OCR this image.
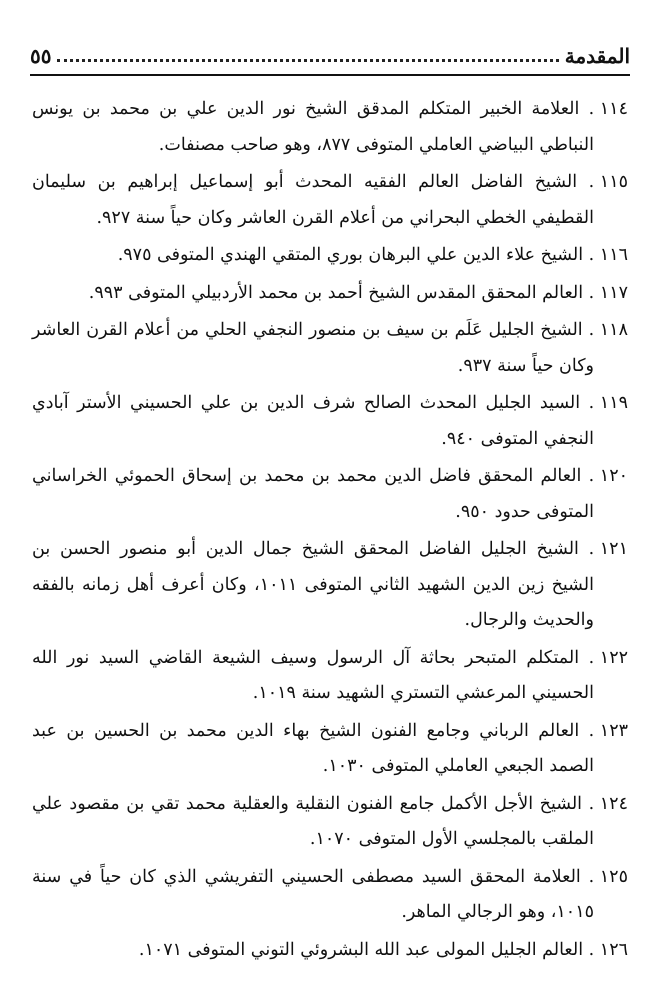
المقدمة
٥٥

١١٤ . العلامة الخبير المتكلم المدقق الشيخ نور الدين علي بن محمد بن يونس النباطي البياضي العاملي المتوفى ٨٧٧، وهو صاحب مصنفات.

١١٥ . الشيخ الفاضل العالم الفقيه المحدث أبو إسماعيل إبراهيم بن سليمان القطيفي الخطي البحراني من أعلام القرن العاشر وكان حياً سنة ٩٢٧.

١١٦ . الشيخ علاء الدين علي البرهان بوري المتقي الهندي المتوفى ٩٧٥.

١١٧ . العالم المحقق المقدس الشيخ أحمد بن محمد الأردبيلي المتوفى ٩٩٣.

١١٨ . الشيخ الجليل عَلَم بن سيف بن منصور النجفي الحلي من أعلام القرن العاشر وكان حياً سنة ٩٣٧.

١١٩ . السيد الجليل المحدث الصالح شرف الدين بن علي الحسيني الأستر آبادي النجفي المتوفى ٩٤٠.

١٢٠ . العالم المحقق فاضل الدين محمد بن محمد بن إسحاق الحموئي الخراساني المتوفى حدود ٩٥٠.

١٢١ . الشيخ الجليل الفاضل المحقق الشيخ جمال الدين أبو منصور الحسن بن الشيخ زين الدين الشهيد الثاني المتوفى ١٠١١، وكان أعرف أهل زمانه بالفقه والحديث والرجال.

١٢٢ . المتكلم المتبحر بحاثة آل الرسول وسيف الشيعة القاضي السيد نور الله الحسيني المرعشي التستري الشهيد سنة ١٠١٩.

١٢٣ . العالم الرباني وجامع الفنون الشيخ بهاء الدين محمد بن الحسين بن عبد الصمد الجبعي العاملي المتوفى ١٠٣٠.

١٢٤ . الشيخ الأجل الأكمل جامع الفنون النقلية والعقلية محمد تقي بن مقصود علي الملقب بالمجلسي الأول المتوفى ١٠٧٠.

١٢٥ . العلامة المحقق السيد مصطفى الحسيني التفريشي الذي كان حياً في سنة ١٠١٥، وهو الرجالي الماهر.

١٢٦ . العالم الجليل المولى عبد الله البشروئي التوني المتوفى ١٠٧١.
